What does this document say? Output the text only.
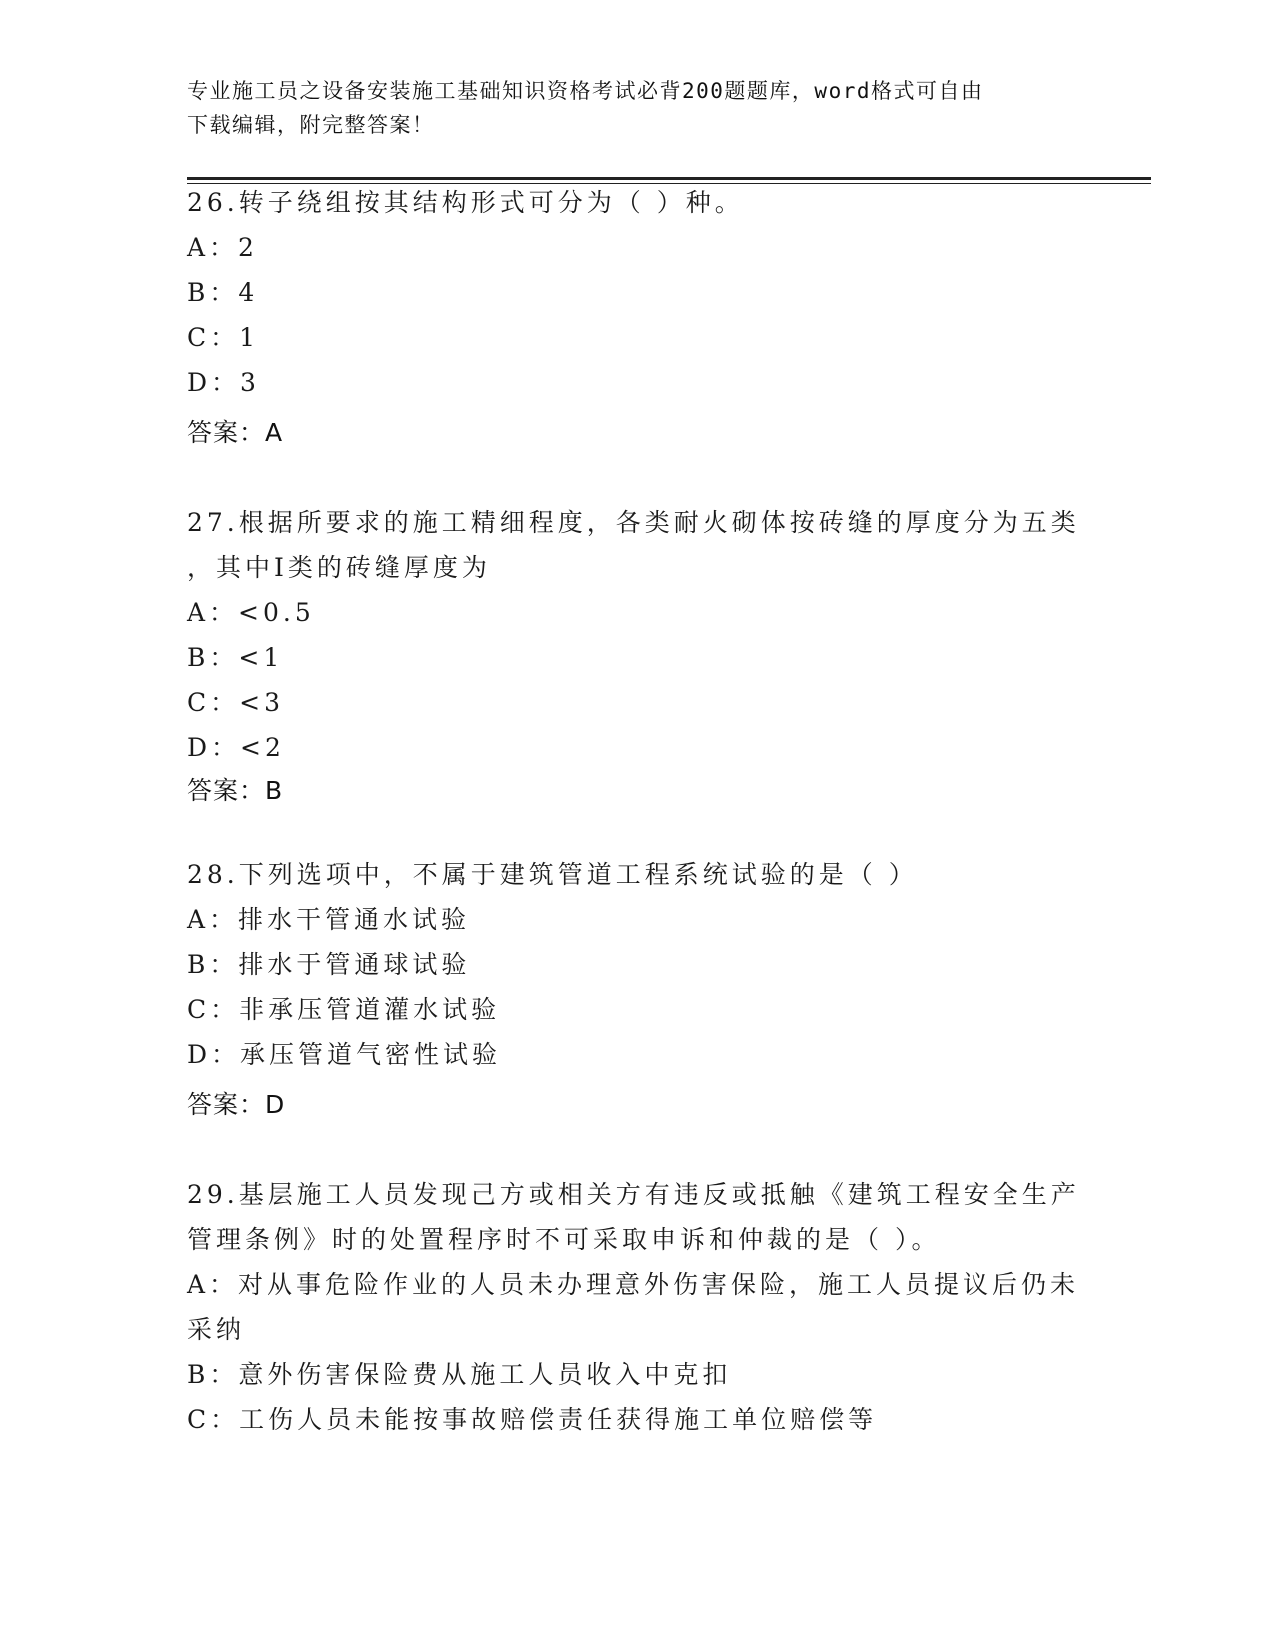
专业施工员之设备安装施工基础知识资格考试必背200题题库，word格式可自由
下载编辑，附完整答案！
26.转子绕组按其结构形式可分为（ ）种。
A：2
B：4
C：1
D：3
答案：A
27.根据所要求的施工精细程度，各类耐火砌体按砖缝的厚度分为五类
，其中Ⅰ类的砖缝厚度为
A：<0.5
B：<1
C：<3
D：<2
答案：B
28.下列选项中，不属于建筑管道工程系统试验的是（ ）
A：排水干管通水试验
B：排水于管通球试验
C：非承压管道灌水试验
D：承压管道气密性试验
答案：D
29.基层施工人员发现己方或相关方有违反或抵触《建筑工程安全生产
管理条例》时的处置程序时不可采取申诉和仲裁的是（ ）。
A：对从事危险作业的人员未办理意外伤害保险，施工人员提议后仍未
采纳
B：意外伤害保险费从施工人员收入中克扣
C：工伤人员未能按事故赔偿责任获得施工单位赔偿等
